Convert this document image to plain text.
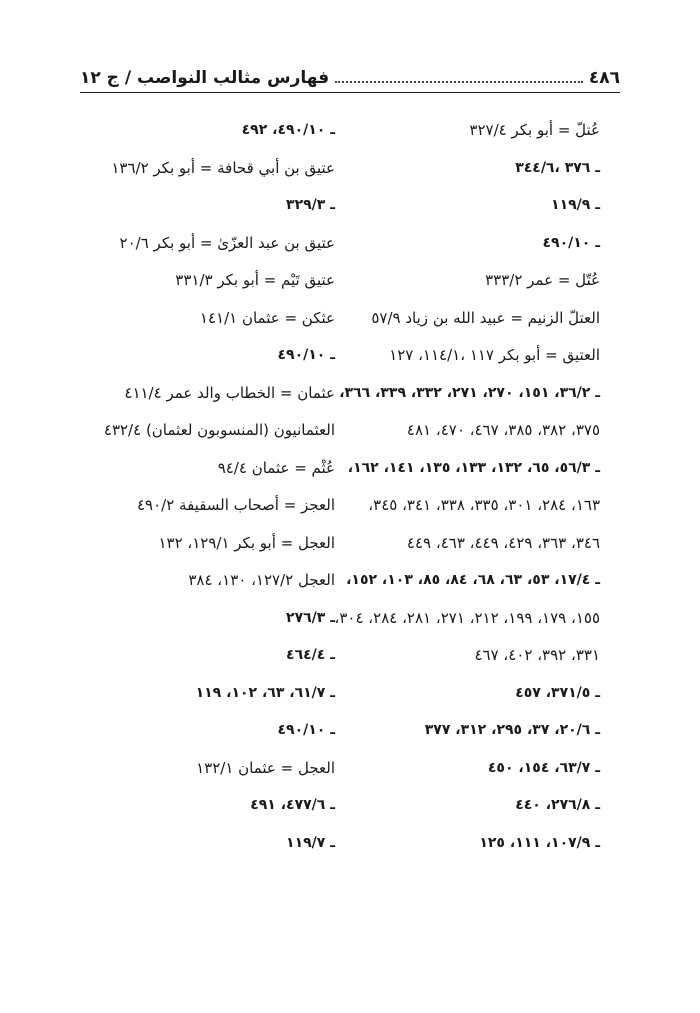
٤٨٦
فهارس مثالب النواصب / ج ١٢
عُتلّ = أبو بكر ٣٢٧/٤
ـ ٣٧٦ ،٣٤٤/٦
ـ ١١٩/٩
ـ ٤٩٠/١٠
عُتّل = عمر ٣٣٣/٢
العتلّ الزنيم = عبيد الله بن زياد ٥٧/٩
العتيق = أبو بكر ١١٧ ،١١٤/١، ١٢٧
ـ ٣٦/٢، ١٥١، ٢٧٠، ٢٧١، ٣٣٢، ٣٣٩، ٣٦٦،
٣٧٥، ٣٨٢، ٣٨٥، ٤٦٧، ٤٧٠، ٤٨١
ـ ٥٦/٣، ٦٥، ١٣٢، ١٣٣، ١٣٥، ١٤١، ١٦٢،
١٦٣، ٢٨٤، ٣٠١، ٣٣٥، ٣٣٨، ٣٤١، ٣٤٥،
٣٤٦، ٣٦٣، ٤٢٩، ٤٤٩، ٤٦٣، ٤٤٩
ـ ١٧/٤، ٥٣، ٦٣، ٦٨، ٨٤، ٨٥، ١٠٣، ١٥٢،
١٥٥، ١٧٩، ١٩٩، ٢١٢، ٢٧١، ٢٨١، ٢٨٤، ٣٠٤،
٣٣١، ٣٩٢، ٤٠٢، ٤٦٧
ـ ٣٧١/٥، ٤٥٧
ـ ٢٠/٦، ٣٧، ٢٩٥، ٣١٢، ٣٧٧
ـ ٦٣/٧، ١٥٤، ٤٥٠
ـ ٢٧٦/٨، ٤٤٠
ـ ١٠٧/٩، ١١١، ١٢٥
ـ ٤٩٠/١٠، ٤٩٢
عتيق بن أبي قحافة = أبو بكر ١٣٦/٢
ـ ٣٢٩/٣
عتيق بن عبد العزّىٰ = أبو بكر ٢٠/٦
عتيق تَيْم = أبو بكر ٣٣١/٣
عثكن = عثمان ١٤١/١
ـ ٤٩٠/١٠
عثمان = الخطاب والد عمر ٤١١/٤
العثمانيون (المنسوبون لعثمان) ٤٣٢/٤
عُثْم = عثمان ٩٤/٤
العجز = أصحاب السقيفة ٤٩٠/٢
العجل = أبو بكر ١٢٩/١، ١٣٢
العجل ١٢٧/٢، ١٣٠، ٣٨٤
ـ ٢٧٦/٣
ـ ٤٦٤/٤
ـ ٦١/٧، ٦٣، ١٠٢، ١١٩
ـ ٤٩٠/١٠
العجل = عثمان ١٣٢/١
ـ ٤٧٧/٦، ٤٩١
ـ ١١٩/٧
